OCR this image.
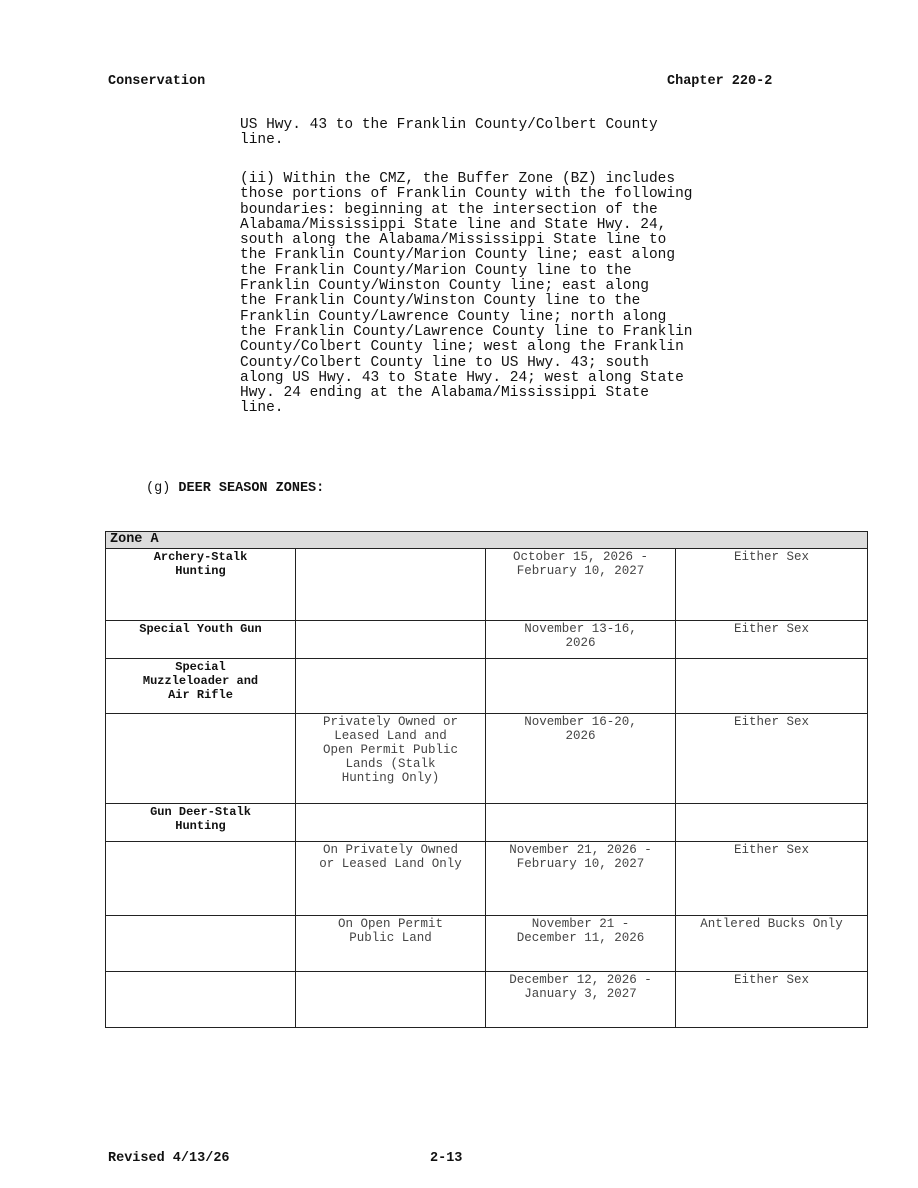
Conservation	Chapter 220-2

US Hwy. 43 to the Franklin County/Colbert County
line.

(ii) Within the CMZ, the Buffer Zone (BZ) includes
those portions of Franklin County with the following
boundaries: beginning at the intersection of the
Alabama/Mississippi State line and State Hwy. 24,
south along the Alabama/Mississippi State line to
the Franklin County/Marion County line; east along
the Franklin County/Marion County line to the
Franklin County/Winston County line; east along
the Franklin County/Winston County line to the
Franklin County/Lawrence County line; north along
the Franklin County/Lawrence County line to Franklin
County/Colbert County line; west along the Franklin
County/Colbert County line to US Hwy. 43; south
along US Hwy. 43 to State Hwy. 24; west along State
Hwy. 24 ending at the Alabama/Mississippi State
line.

(g) DEER SEASON ZONES:
Zone A			
Archery-Stalk
Hunting		October 15, 2026 -
February 10, 2027	Either Sex
Special Youth Gun		November 13-16,
2026	Either Sex
Special
Muzzleloader and
Air Rifle			
	Privately Owned or
Leased Land and
Open Permit Public
Lands (Stalk
Hunting Only)	November 16-20,
2026	Either Sex
Gun Deer-Stalk
Hunting			
	On Privately Owned
or Leased Land Only	November 21, 2026 -
February 10, 2027	Either Sex
	On Open Permit
Public Land	November 21 -
December 11, 2026	Antlered Bucks Only
		December 12, 2026 -
January 3, 2027	Either Sex
Revised 4/13/26	2-13
